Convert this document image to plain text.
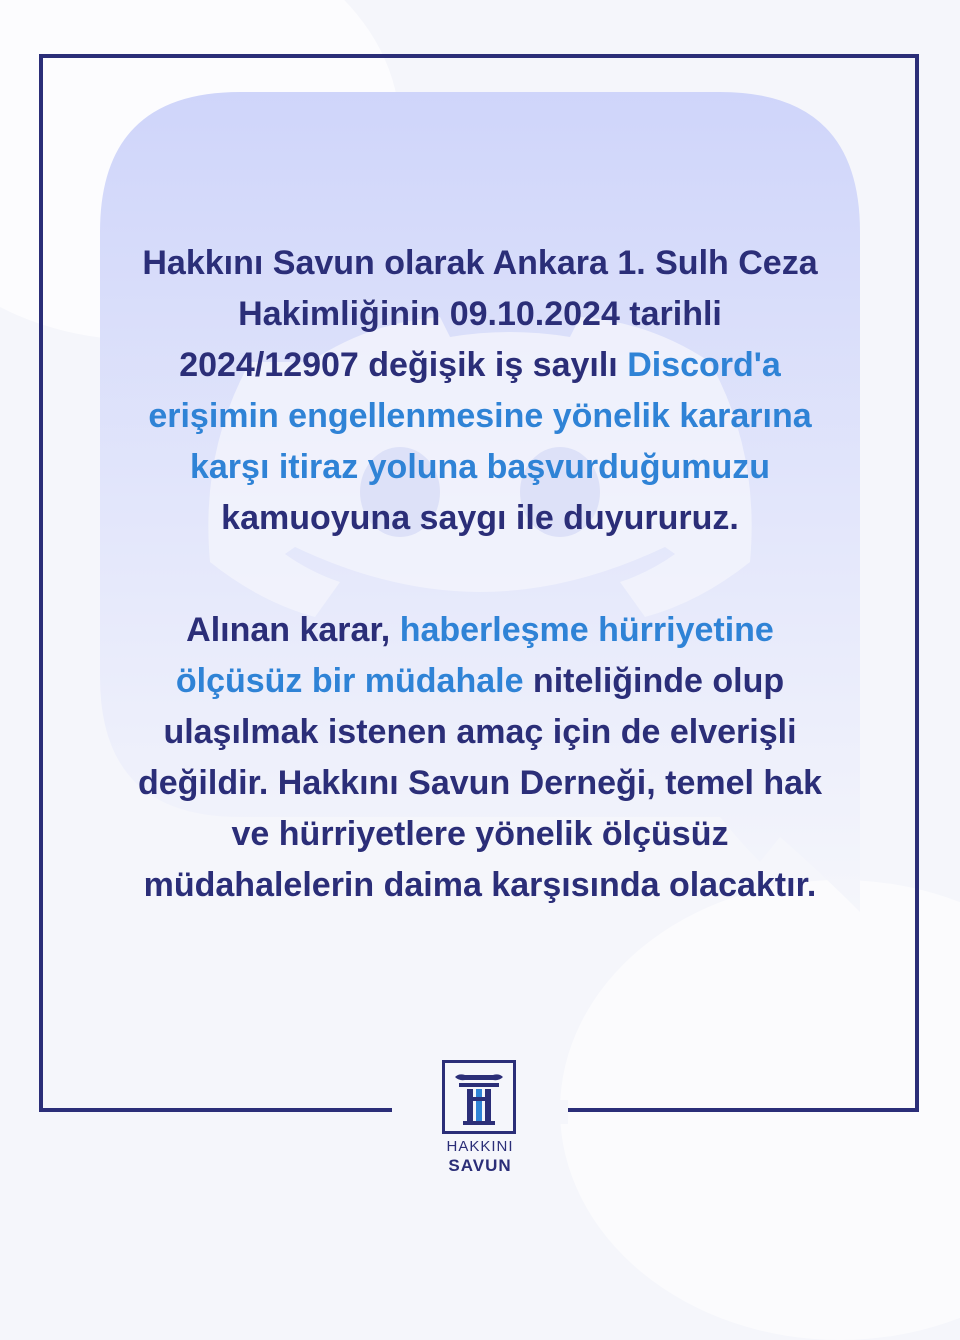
Hakkını Savun olarak Ankara 1. Sulh Ceza
Hakimliğinin 09.10.2024 tarihli
2024/12907 değişik iş sayılı Discord'a
erişimin engellenmesine yönelik kararına
karşı itiraz yoluna başvurduğumuzu
kamuoyuna saygı ile duyururuz.
Alınan karar, haberleşme hürriyetine
ölçüsüz bir müdahale niteliğinde olup
ulaşılmak istenen amaç için de elverişli
değildir. Hakkını Savun Derneği, temel hak
ve hürriyetlere yönelik ölçüsüz
müdahalelerin daima karşısında olacaktır.
HAKKINI
SAVUN
